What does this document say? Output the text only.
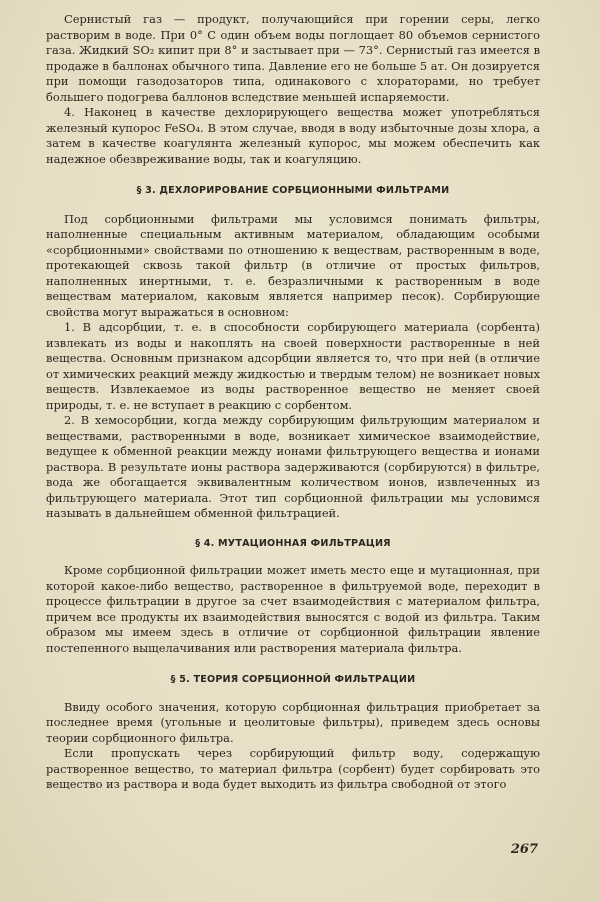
Сернистый газ — продукт, получающийся при горении серы, легко растворим в воде. При 0° С один объем воды поглощает 80 объемов сернистого газа. Жидкий SO₂ кипит при 8° и застывает при — 73°. Сернистый газ имеется в продаже в баллонах обычного типа. Давление его не больше 5 ат. Он дозируется при помощи газодозаторов типа, одинакового с хлораторами, но требует большего подогрева баллонов вследствие меньшей испаряемости.

4. Наконец в качестве дехлорирующего вещества может употребляться железный купорос FeSO₄. В этом случае, вводя в воду избыточные дозы хлора, а затем в качестве коагулянта железный купорос, мы можем обеспечить как надежное обезвреживание воды, так и коагуляцию.

§ 3. ДЕХЛОРИРОВАНИЕ СОРБЦИОННЫМИ ФИЛЬТРАМИ

Под сорбционными фильтрами мы условимся понимать фильтры, наполненные специальным активным материалом, обладающим особыми «сорбционными» свойствами по отношению к веществам, растворенным в воде, протекающей сквозь такой фильтр (в отличие от простых фильтров, наполненных инертными, т. е. безразличными к растворенным в воде веществам материалом, каковым является например песок). Сорбирующие свойства могут выражаться в основном:

1. В адсорбции, т. е. в способности сорбирующего материала (сорбента) извлекать из воды и накоплять на своей поверхности растворенные в ней вещества. Основным признаком адсорбции является то, что при ней (в отличие от химических реакций между жидкостью и твердым телом) не возникает новых веществ. Извлекаемое из воды растворенное вещество не меняет своей природы, т. е. не вступает в реакцию с сорбентом.

2. В хемосорбции, когда между сорбирующим фильтрующим материалом и веществами, растворенными в воде, возникает химическое взаимодействие, ведущее к обменной реакции между ионами фильтрующего вещества и ионами раствора. В результате ионы раствора задерживаются (сорбируются) в фильтре, вода же обогащается эквивалентным количеством ионов, извлеченных из фильтрующего материала. Этот тип сорбционной фильтрации мы условимся называть в дальнейшем обменной фильтрацией.

§ 4. МУТАЦИОННАЯ ФИЛЬТРАЦИЯ

Кроме сорбционной фильтрации может иметь место еще и мутационная, при которой какое-либо вещество, растворенное в фильтруемой воде, переходит в процессе фильтрации в другое за счет взаимодействия с материалом фильтра, причем все продукты их взаимодействия выносятся с водой из фильтра. Таким образом мы имеем здесь в отличие от сорбционной фильтрации явление постепенного выщелачивания или растворения материала фильтра.

§ 5. ТЕОРИЯ СОРБЦИОННОЙ ФИЛЬТРАЦИИ

Ввиду особого значения, которую сорбционная фильтрация приобретает за последнее время (угольные и цеолитовые фильтры), приведем здесь основы теории сорбционного фильтра.

Если пропускать через сорбирующий фильтр воду, содержащую растворенное вещество, то материал фильтра (сорбент) будет сорбировать это вещество из раствора и вода будет выходить из фильтра свободной от этого

267
